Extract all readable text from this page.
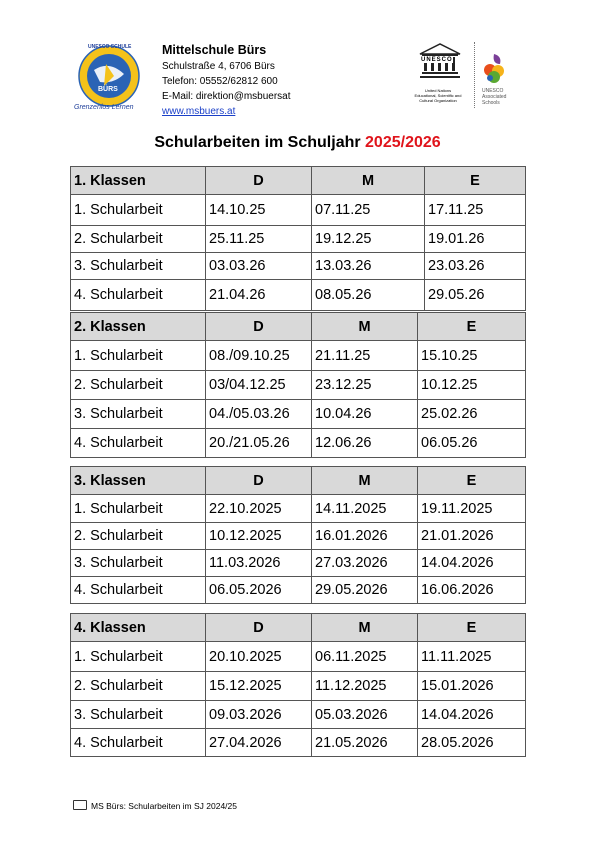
UNESCO SCHULE
BÜRS
Grenzenlos Lernen
Mittelschule Bürs
Schulstraße 4, 6706 Bürs
Telefon: 05552/62812 600
E-Mail: direktion@msbuersat
www.msbuers.at
UNESCO
United Nations
Educational, Scientific and
Cultural Organization
UNESCO
Associated
Schools
Schularbeiten im Schuljahr 2025/2026
1. Klassen	D	M	E
1. Schularbeit	14.10.25	07.11.25	17.11.25
2. Schularbeit	25.11.25	19.12.25	19.01.26
3. Schularbeit	03.03.26	13.03.26	23.03.26
4. Schularbeit	21.04.26	08.05.26	29.05.26
2. Klassen	D	M	E
1. Schularbeit	08./09.10.25	21.11.25	15.10.25
2. Schularbeit	03/04.12.25	23.12.25	10.12.25
3. Schularbeit	04./05.03.26	10.04.26	25.02.26
4. Schularbeit	20./21.05.26	12.06.26	06.05.26
3. Klassen	D	M	E
1. Schularbeit	22.10.2025	14.11.2025	19.11.2025
2. Schularbeit	10.12.2025	16.01.2026	21.01.2026
3. Schularbeit	11.03.2026	27.03.2026	14.04.2026
4. Schularbeit	06.05.2026	29.05.2026	16.06.2026
4. Klassen	D	M	E
1. Schularbeit	20.10.2025	06.11.2025	11.11.2025
2. Schularbeit	15.12.2025	11.12.2025	15.01.2026
3. Schularbeit	09.03.2026	05.03.2026	14.04.2026
4. Schularbeit	27.04.2026	21.05.2026	28.05.2026
MS Bürs: Schularbeiten im SJ 2024/25
